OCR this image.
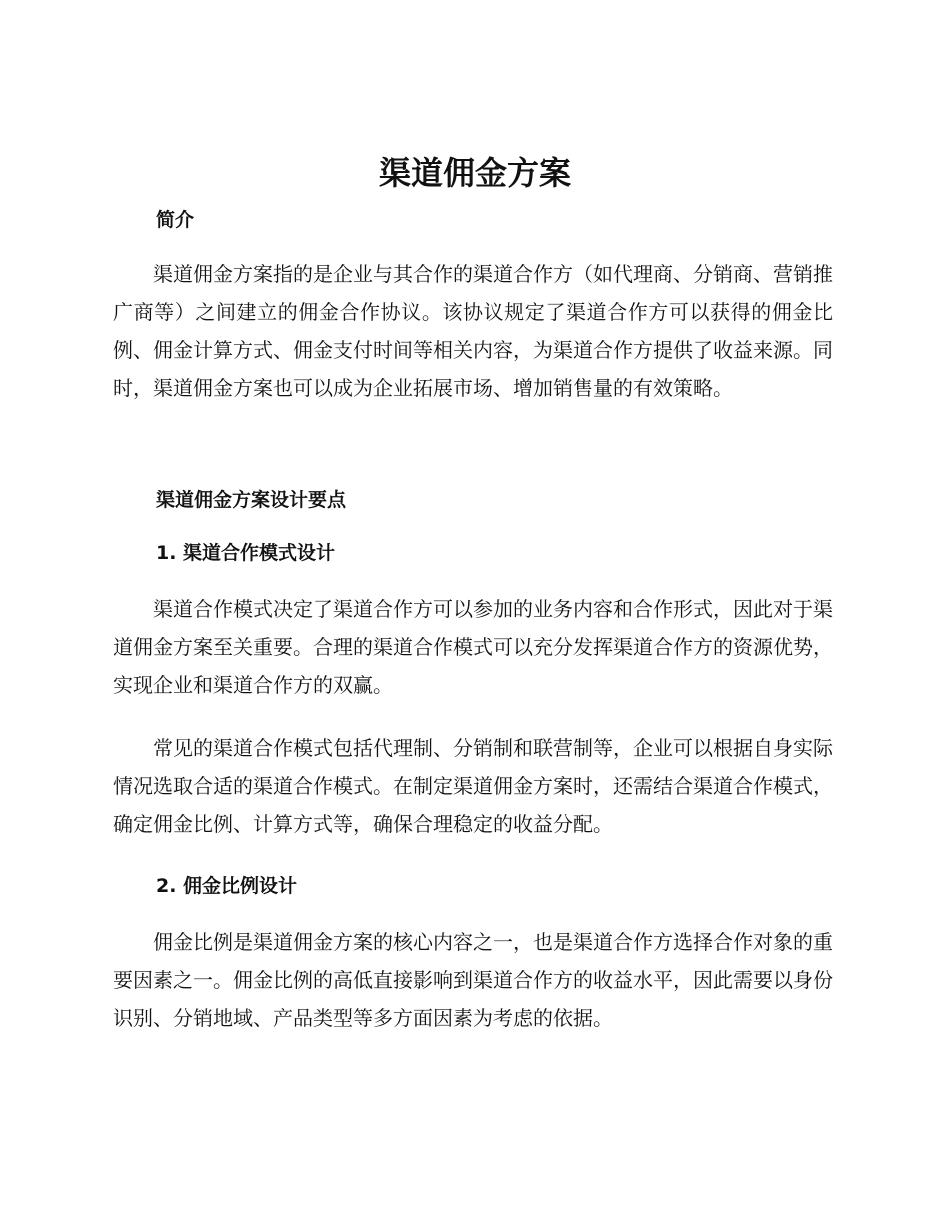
渠道佣金方案
简介

渠道佣金方案指的是企业与其合作的渠道合作方（如代理商、分销商、营销推广商等）之间建立的佣金合作协议。该协议规定了渠道合作方可以获得的佣金比例、佣金计算方式、佣金支付时间等相关内容，为渠道合作方提供了收益来源。同时，渠道佣金方案也可以成为企业拓展市场、增加销售量的有效策略。

渠道佣金方案设计要点
1. 渠道合作模式设计

渠道合作模式决定了渠道合作方可以参加的业务内容和合作形式，因此对于渠道佣金方案至关重要。合理的渠道合作模式可以充分发挥渠道合作方的资源优势，实现企业和渠道合作方的双赢。

常见的渠道合作模式包括代理制、分销制和联营制等，企业可以根据自身实际情况选取合适的渠道合作模式。在制定渠道佣金方案时，还需结合渠道合作模式，确定佣金比例、计算方式等，确保合理稳定的收益分配。

2. 佣金比例设计

佣金比例是渠道佣金方案的核心内容之一，也是渠道合作方选择合作对象的重要因素之一。佣金比例的高低直接影响到渠道合作方的收益水平，因此需要以身份识别、分销地域、产品类型等多方面因素为考虑的依据。
